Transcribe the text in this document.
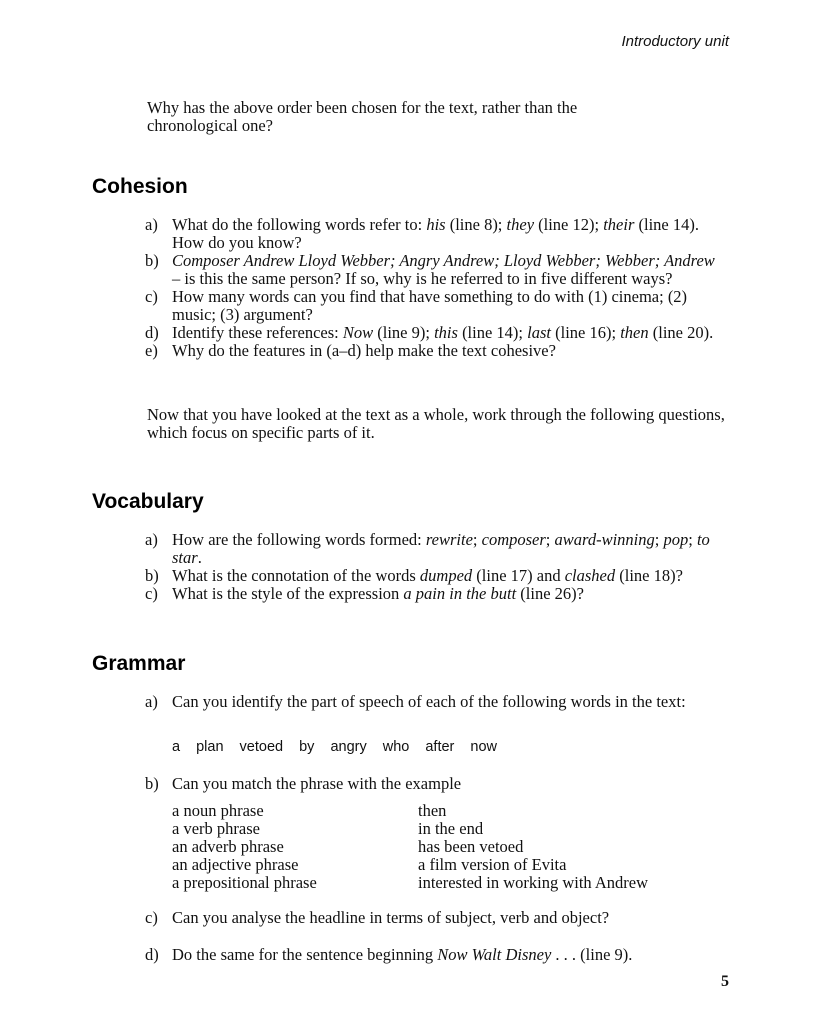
Introductory unit
Why has the above order been chosen for the text, rather than the chronological one?
Cohesion
a) What do the following words refer to: his (line 8); they (line 12); their (line 14). How do you know?
b) Composer Andrew Lloyd Webber; Angry Andrew; Lloyd Webber; Webber; Andrew – is this the same person? If so, why is he referred to in five different ways?
c) How many words can you find that have something to do with (1) cinema; (2) music; (3) argument?
d) Identify these references: Now (line 9); this (line 14); last (line 16); then (line 20).
e) Why do the features in (a–d) help make the text cohesive?
Now that you have looked at the text as a whole, work through the following questions, which focus on specific parts of it.
Vocabulary
a) How are the following words formed: rewrite; composer; award-winning; pop; to star.
b) What is the connotation of the words dumped (line 17) and clashed (line 18)?
c) What is the style of the expression a pain in the butt (line 26)?
Grammar
a) Can you identify the part of speech of each of the following words in the text:
a plan vetoed by angry who after now
b) Can you match the phrase with the example
a noun phrase
a verb phrase
an adverb phrase
an adjective phrase
a prepositional phrase
then
in the end
has been vetoed
a film version of Evita
interested in working with Andrew
c) Can you analyse the headline in terms of subject, verb and object?
d) Do the same for the sentence beginning Now Walt Disney . . . (line 9).
5
